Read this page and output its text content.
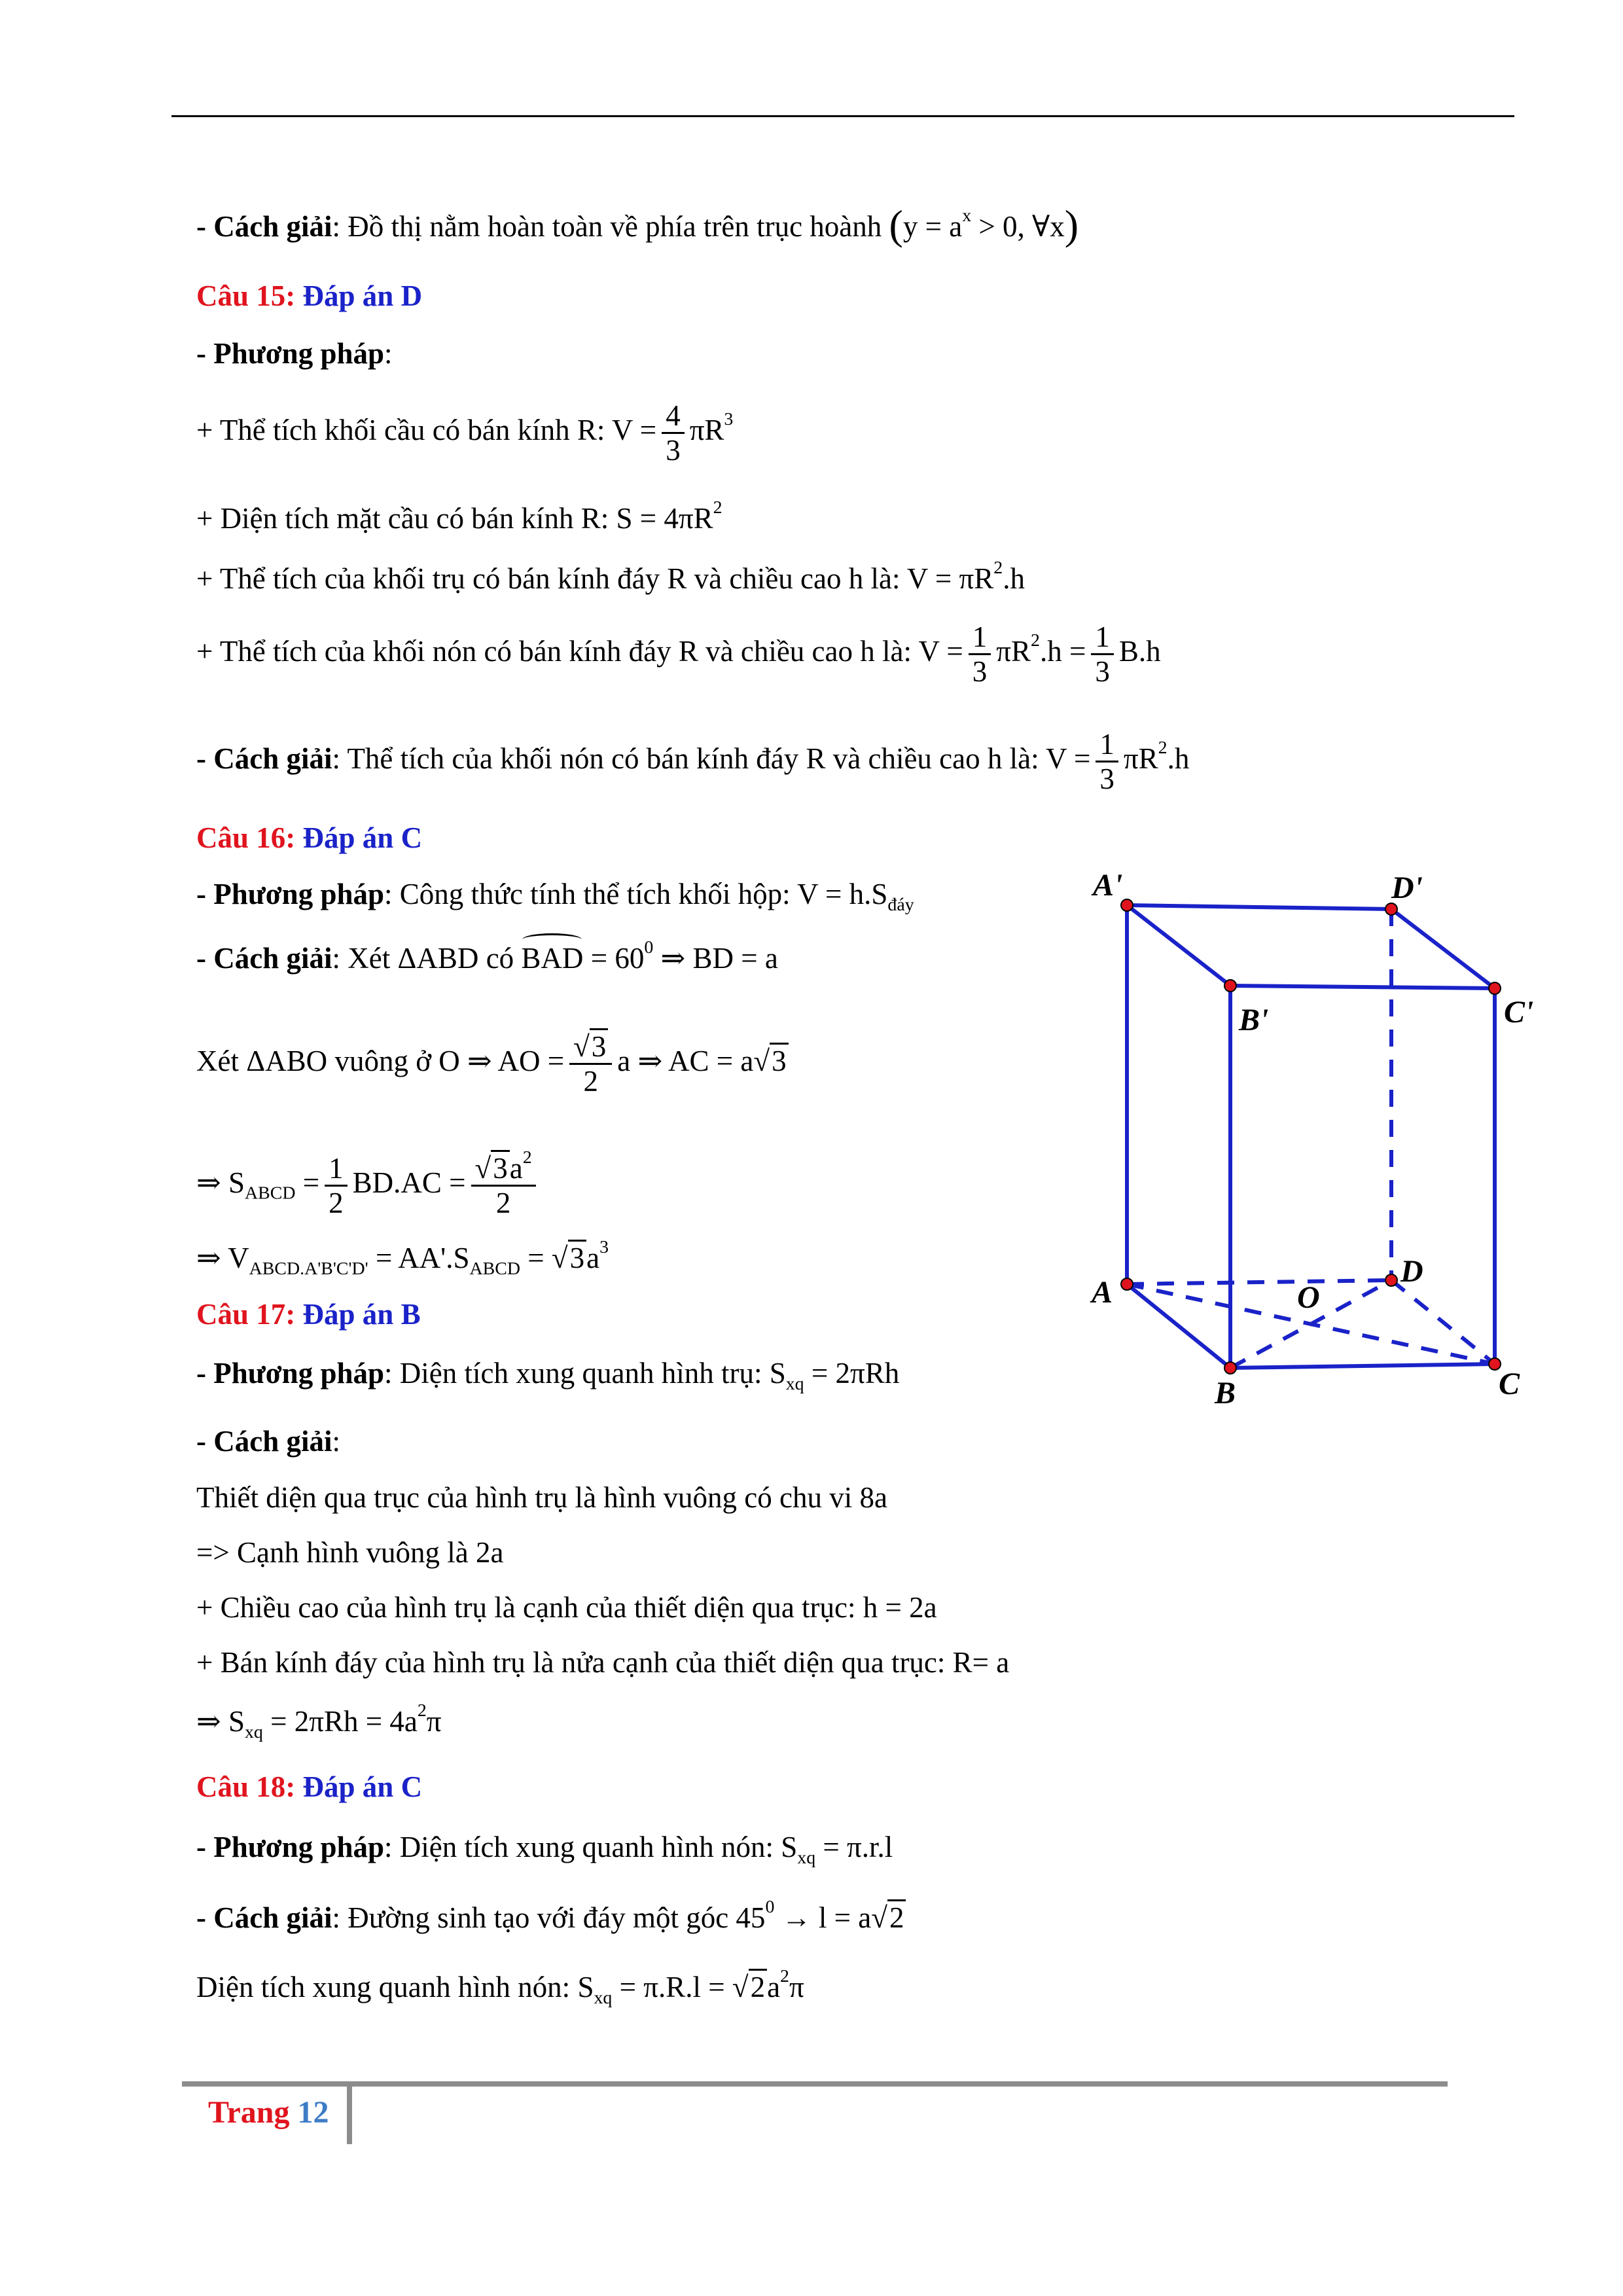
- Cách giải: Đồ thị nằm hoàn toàn về phía trên trục hoành ($y = a^x > 0$, ∀x)
Câu 15: Đáp án D
- Phương pháp:
+ Thể tích khối cầu có bán kính R: $V = \frac{4}{3} \pi R^3$
+ Diện tích mặt cầu có bán kính R: $S = 4\pi R^2$
+ Thể tích của khối trụ có bán kính đáy R và chiều cao h là: $V = \pi R^2.h$
+ Thể tích của khối nón có bán kính đáy R và chiều cao h là: $V = \frac{1}{3} \pi R^2.h = \frac{1}{3} B.h$
- Cách giải: Thể tích của khối nón có bán kính đáy R và chiều cao h là: $V = \frac{1}{3} \pi R^2.h$
Câu 16: Đáp án C
- Phương pháp: Công thức tính thể tích khối hộp: $V = h.S_{đáy}$
- Cách giải: Xét ΔABD có BAD = $60^0$ ⇒ BD = a
Xét ΔABO vuông ở O ⇒ AO = $\frac{√3}{2}$ a ⇒ AC = a√3
⇒ $S_{ABCD} = \frac{1}{2} BD.AC = \frac{√3a^2}{2}$
⇒ $V_{ABCD.A'B'C'D'} = AA'.S_{ABCD} = √3a^3$
A'	D'
B'	C'
A
D
O
B	C
Câu 17: Đáp án B
- Phương pháp: Diện tích xung quanh hình trụ: $S_{xq} = 2\pi Rh$
- Cách giải:
Thiết diện qua trục của hình trụ là hình vuông có chu vi 8a
=> Cạnh hình vuông là 2a
+ Chiều cao của hình trụ là cạnh của thiết diện qua trục: h = 2a
+ Bán kính đáy của hình trụ là nửa cạnh của thiết diện qua trục: R= a
⇒ $S_{xq} = 2\pi Rh = 4a^2\pi$
Câu 18: Đáp án C
- Phương pháp: Diện tích xung quanh hình nón: $S_{xq} = \pi.r.l$
- Cách giải: Đường sinh tạo với đáy một góc $45^0 \to l = a√2$
Diện tích xung quanh hình nón: $S_{xq} = \pi.R.l = √2a^2\pi$
Trang 12
